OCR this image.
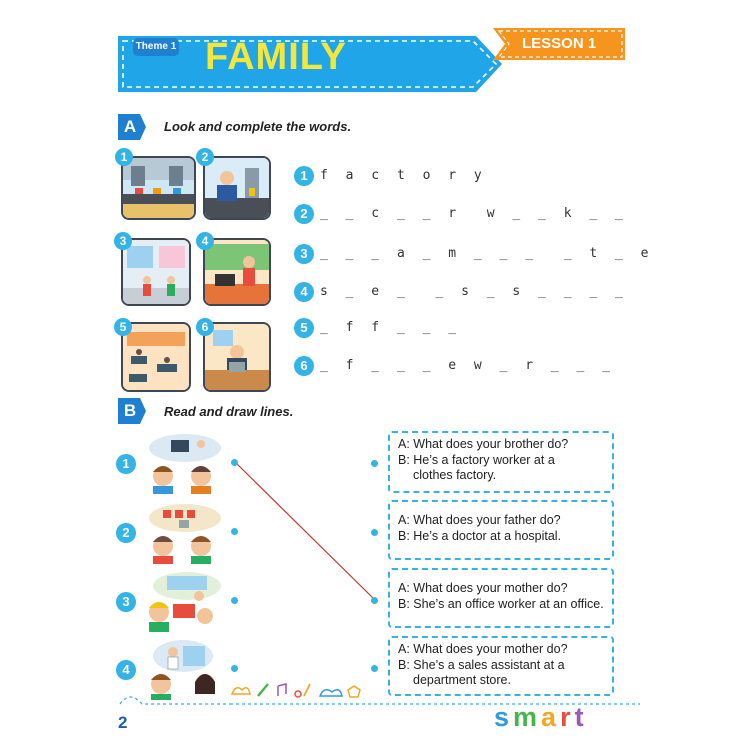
Theme 1 FAMILY	LESSON 1
A	Look and complete the words.
1	2
3	4
5	6
1 f a c t o r y
2 _ _ c _ _ r  w _ _ k _ _
3 _ _ _ a _ m _ _ _  _ t _ e
4 s _ e _  _ s _ s _ _ _ _
5 _ f f _ _ _
6 _ f _ _ _ e w _ r _ _ _
B	Read and draw lines.
1
2
3
4
A: What does your brother do?
B: He’s a factory worker at a
clothes factory.
A: What does your father do?
B: He’s a doctor at a hospital.
A: What does your mother do?
B: She’s an office worker at an office.
A: What does your mother do?
B: She’s a sales assistant at a
department store.
2	smart
